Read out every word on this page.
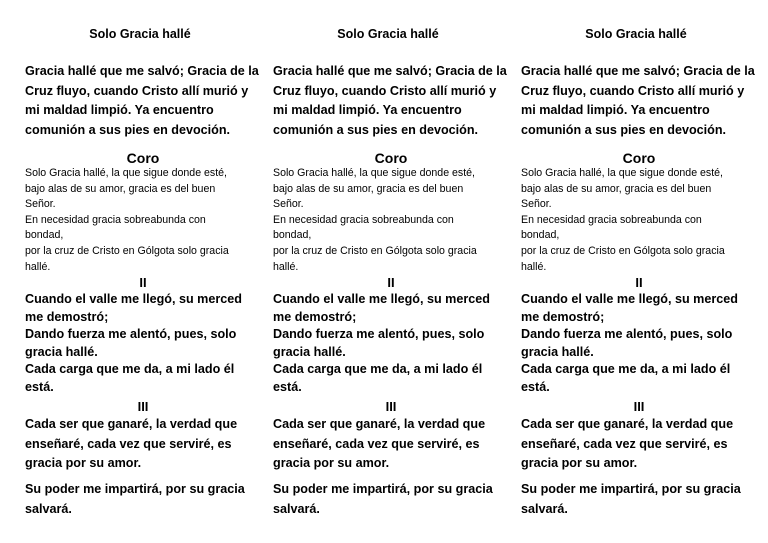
Solo Gracia hallé
Gracia hallé que me salvó; Gracia de la
Cruz fluyo, cuando Cristo allí murió y
mi maldad limpió. Ya encuentro
comunión a sus pies en devoción.
Coro
Solo Gracia hallé, la que sigue donde esté,
bajo alas de su amor, gracia es del buen
Señor.
En necesidad gracia sobreabunda con
bondad,
por la cruz de Cristo en Gólgota solo gracia
hallé.
II
Cuando el valle me llegó, su merced
me demostró;
Dando fuerza me alentó, pues, solo
gracia hallé.
Cada carga que me da, a mi lado él
está.
III
Cada ser que ganaré, la verdad que
enseñaré, cada vez que serviré, es
gracia por su amor.
Su poder me impartirá, por su gracia
salvará.
Solo Gracia hallé
Gracia hallé que me salvó; Gracia de la
Cruz fluyo, cuando Cristo allí murió y
mi maldad limpió. Ya encuentro
comunión a sus pies en devoción.
Coro
Solo Gracia hallé, la que sigue donde esté,
bajo alas de su amor, gracia es del buen
Señor.
En necesidad gracia sobreabunda con
bondad,
por la cruz de Cristo en Gólgota solo gracia
hallé.
II
Cuando el valle me llegó, su merced
me demostró;
Dando fuerza me alentó, pues, solo
gracia hallé.
Cada carga que me da, a mi lado él
está.
III
Cada ser que ganaré, la verdad que
enseñaré, cada vez que serviré, es
gracia por su amor.
Su poder me impartirá, por su gracia
salvará.
Solo Gracia hallé
Gracia hallé que me salvó; Gracia de la
Cruz fluyo, cuando Cristo allí murió y
mi maldad limpió. Ya encuentro
comunión a sus pies en devoción.
Coro
Solo Gracia hallé, la que sigue donde esté,
bajo alas de su amor, gracia es del buen
Señor.
En necesidad gracia sobreabunda con
bondad,
por la cruz de Cristo en Gólgota solo gracia
hallé.
II
Cuando el valle me llegó, su merced
me demostró;
Dando fuerza me alentó, pues, solo
gracia hallé.
Cada carga que me da, a mi lado él
está.
III
Cada ser que ganaré, la verdad que
enseñaré, cada vez que serviré, es
gracia por su amor.
Su poder me impartirá, por su gracia
salvará.
